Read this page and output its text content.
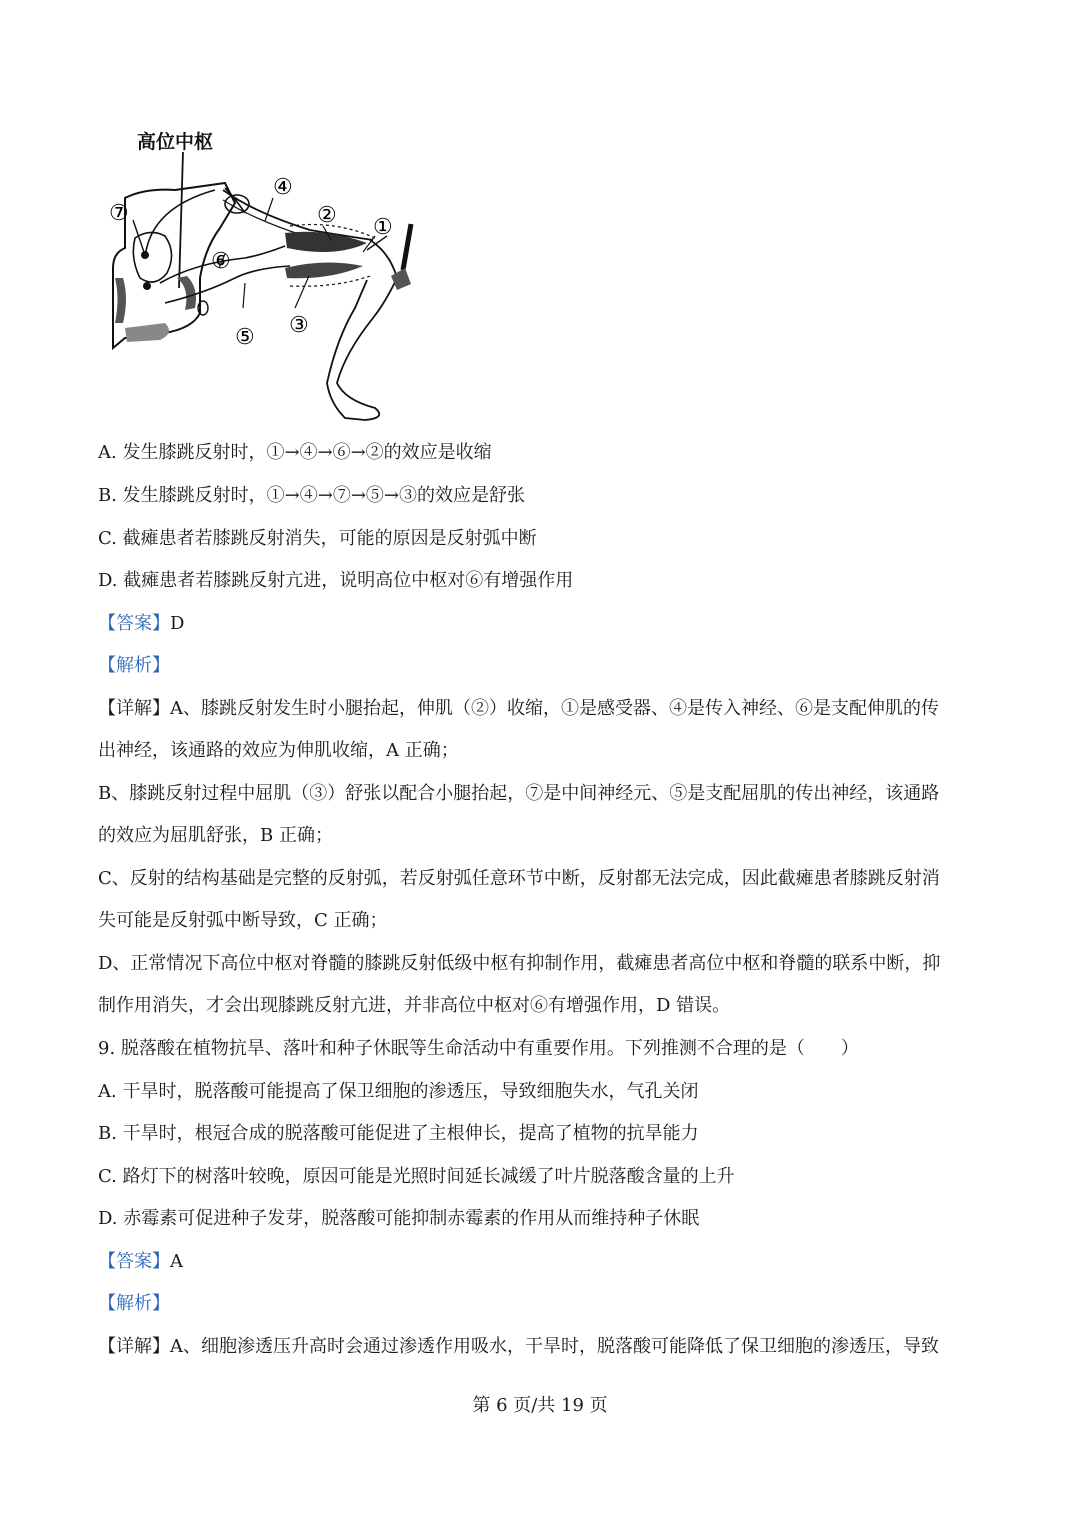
高位中枢
①
②
③
④
⑤
⑥
⑦
A. 发生膝跳反射时，①→④→⑥→②的效应是收缩
B. 发生膝跳反射时，①→④→⑦→⑤→③的效应是舒张
C. 截瘫患者若膝跳反射消失，可能的原因是反射弧中断
D. 截瘫患者若膝跳反射亢进，说明高位中枢对⑥有增强作用
【答案】D
【解析】
【详解】A、膝跳反射发生时小腿抬起，伸肌（②）收缩，①是感受器、④是传入神经、⑥是支配伸肌的传
出神经，该通路的效应为伸肌收缩，A 正确；
B、膝跳反射过程中屈肌（③）舒张以配合小腿抬起，⑦是中间神经元、⑤是支配屈肌的传出神经，该通路
的效应为屈肌舒张，B 正确；
C、反射的结构基础是完整的反射弧，若反射弧任意环节中断，反射都无法完成，因此截瘫患者膝跳反射消
失可能是反射弧中断导致，C 正确；
D、正常情况下高位中枢对脊髓的膝跳反射低级中枢有抑制作用，截瘫患者高位中枢和脊髓的联系中断，抑
制作用消失，才会出现膝跳反射亢进，并非高位中枢对⑥有增强作用，D 错误。
9. 脱落酸在植物抗旱、落叶和种子休眠等生命活动中有重要作用。下列推测不合理的是（　　）
A. 干旱时，脱落酸可能提高了保卫细胞的渗透压，导致细胞失水，气孔关闭
B. 干旱时，根冠合成的脱落酸可能促进了主根伸长，提高了植物的抗旱能力
C. 路灯下的树落叶较晚，原因可能是光照时间延长减缓了叶片脱落酸含量的上升
D. 赤霉素可促进种子发芽，脱落酸可能抑制赤霉素的作用从而维持种子休眠
【答案】A
【解析】
【详解】A、细胞渗透压升高时会通过渗透作用吸水，干旱时，脱落酸可能降低了保卫细胞的渗透压，导致
第 6 页/共 19 页
